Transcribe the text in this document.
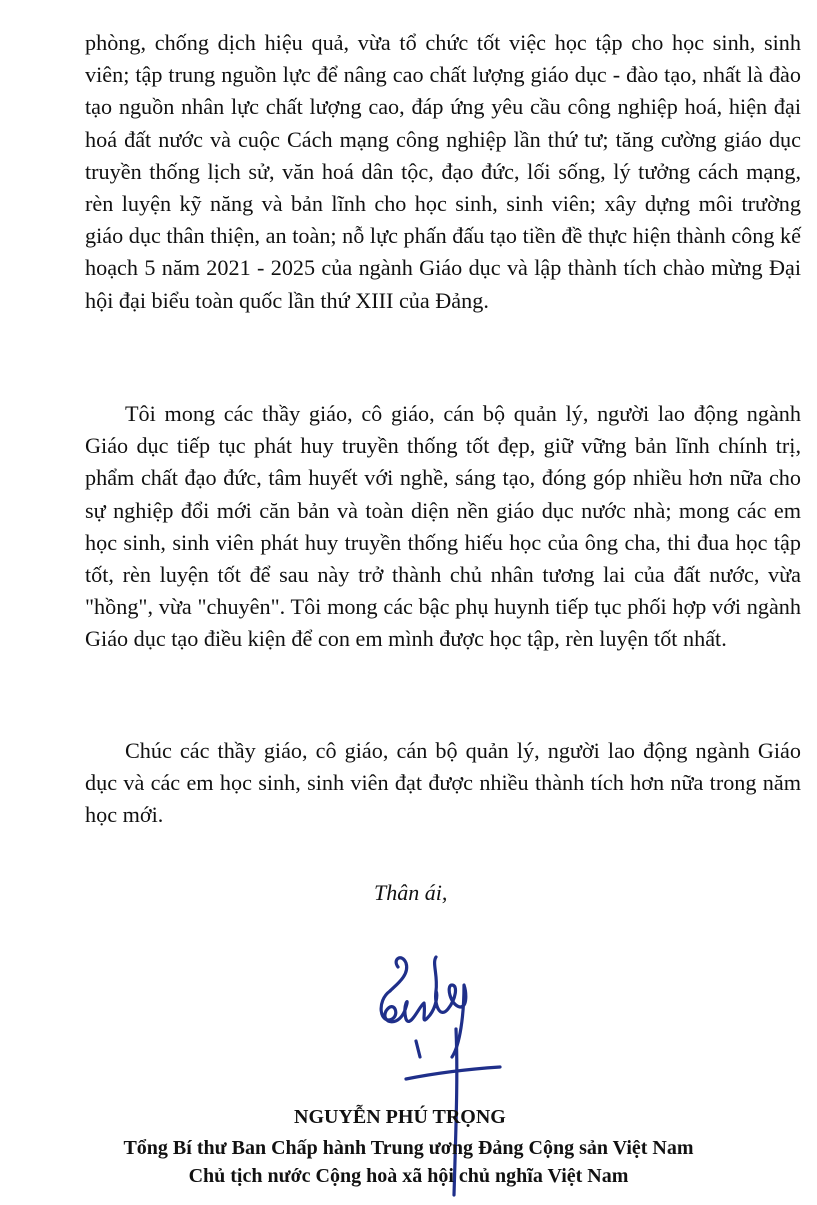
phòng, chống dịch hiệu quả, vừa tổ chức tốt việc học tập cho học sinh, sinh viên; tập trung nguồn lực để nâng cao chất lượng giáo dục - đào tạo, nhất là đào tạo nguồn nhân lực chất lượng cao, đáp ứng yêu cầu công nghiệp hoá, hiện đại hoá đất nước và cuộc Cách mạng công nghiệp lần thứ tư; tăng cường giáo dục truyền thống lịch sử, văn hoá dân tộc, đạo đức, lối sống, lý tưởng cách mạng, rèn luyện kỹ năng và bản lĩnh cho học sinh, sinh viên; xây dựng môi trường giáo dục thân thiện, an toàn; nỗ lực phấn đấu tạo tiền đề thực hiện thành công kế hoạch 5 năm 2021 - 2025 của ngành Giáo dục và lập thành tích chào mừng Đại hội đại biểu toàn quốc lần thứ XIII của Đảng.

Tôi mong các thầy giáo, cô giáo, cán bộ quản lý, người lao động ngành Giáo dục tiếp tục phát huy truyền thống tốt đẹp, giữ vững bản lĩnh chính trị, phẩm chất đạo đức, tâm huyết với nghề, sáng tạo, đóng góp nhiều hơn nữa cho sự nghiệp đổi mới căn bản và toàn diện nền giáo dục nước nhà; mong các em học sinh, sinh viên phát huy truyền thống hiếu học của ông cha, thi đua học tập tốt, rèn luyện tốt để sau này trở thành chủ nhân tương lai của đất nước, vừa "hồng", vừa "chuyên". Tôi mong các bậc phụ huynh tiếp tục phối hợp với ngành Giáo dục tạo điều kiện để con em mình được học tập, rèn luyện tốt nhất.

Chúc các thầy giáo, cô giáo, cán bộ quản lý, người lao động ngành Giáo dục và các em học sinh, sinh viên đạt được nhiều thành tích hơn nữa trong năm học mới.

Thân ái,
NGUYỄN PHÚ TRỌNG
Tổng Bí thư Ban Chấp hành Trung ương Đảng Cộng sản Việt Nam
Chủ tịch nước Cộng hoà xã hội chủ nghĩa Việt Nam
